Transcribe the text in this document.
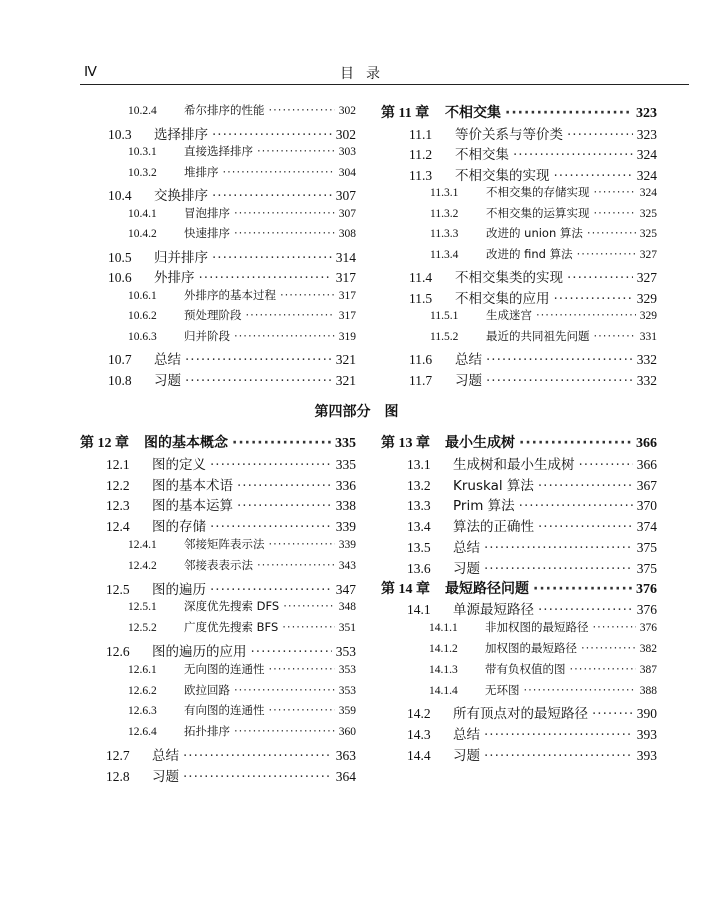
Ⅳ	目录
第四部分　图
10.2.4	希尔排序的性能 ·····	302
10.3	选择排序 ·····	302
10.3.1	直接选择排序 ·····	303
10.3.2	堆排序 ·····	304
10.4	交换排序 ·····	307
10.4.1	冒泡排序 ·····	307
10.4.2	快速排序 ·····	308
10.5	归并排序 ·····	314
10.6	外排序 ·····	317
10.6.1	外排序的基本过程 ·····	317
10.6.2	预处理阶段 ·····	317
10.6.3	归并阶段 ·····	319
10.7	总结 ·····	321
10.8	习题 ·····	321
第 11 章	不相交集 ·····	323
11.1	等价关系与等价类 ·····	323
11.2	不相交集 ·····	324
11.3	不相交集的实现 ·····	324
11.3.1	不相交集的存储实现 ·····	324
11.3.2	不相交集的运算实现 ·····	325
11.3.3	改进的 union 算法 ·····	325
11.3.4	改进的 find 算法 ·····	327
11.4	不相交集类的实现 ·····	327
11.5	不相交集的应用 ·····	329
11.5.1	生成迷宫 ·····	329
11.5.2	最近的共同祖先问题 ·····	331
11.6	总结 ·····	332
11.7	习题 ·····	332
第 12 章	图的基本概念 ·····	335
12.1	图的定义 ·····	335
12.2	图的基本术语 ·····	336
12.3	图的基本运算 ·····	338
12.4	图的存储 ·····	339
12.4.1	邻接矩阵表示法 ·····	339
12.4.2	邻接表表示法 ·····	343
12.5	图的遍历 ·····	347
12.5.1	深度优先搜索 DFS ·····	348
12.5.2	广度优先搜索 BFS ·····	351
12.6	图的遍历的应用 ·····	353
12.6.1	无向图的连通性 ·····	353
12.6.2	欧拉回路 ·····	353
12.6.3	有向图的连通性 ·····	359
12.6.4	拓扑排序 ·····	360
12.7	总结 ·····	363
12.8	习题 ·····	364
第 13 章	最小生成树 ·····	366
13.1	生成树和最小生成树 ·····	366
13.2	Kruskal 算法 ·····	367
13.3	Prim 算法 ·····	370
13.4	算法的正确性 ·····	374
13.5	总结 ·····	375
13.6	习题 ·····	375
第 14 章	最短路径问题 ·····	376
14.1	单源最短路径 ·····	376
14.1.1	非加权图的最短路径 ·····	376
14.1.2	加权图的最短路径 ·····	382
14.1.3	带有负权值的图 ·····	387
14.1.4	无环图 ·····	388
14.2	所有顶点对的最短路径 ·····	390
14.3	总结 ·····	393
14.4	习题 ·····	393
